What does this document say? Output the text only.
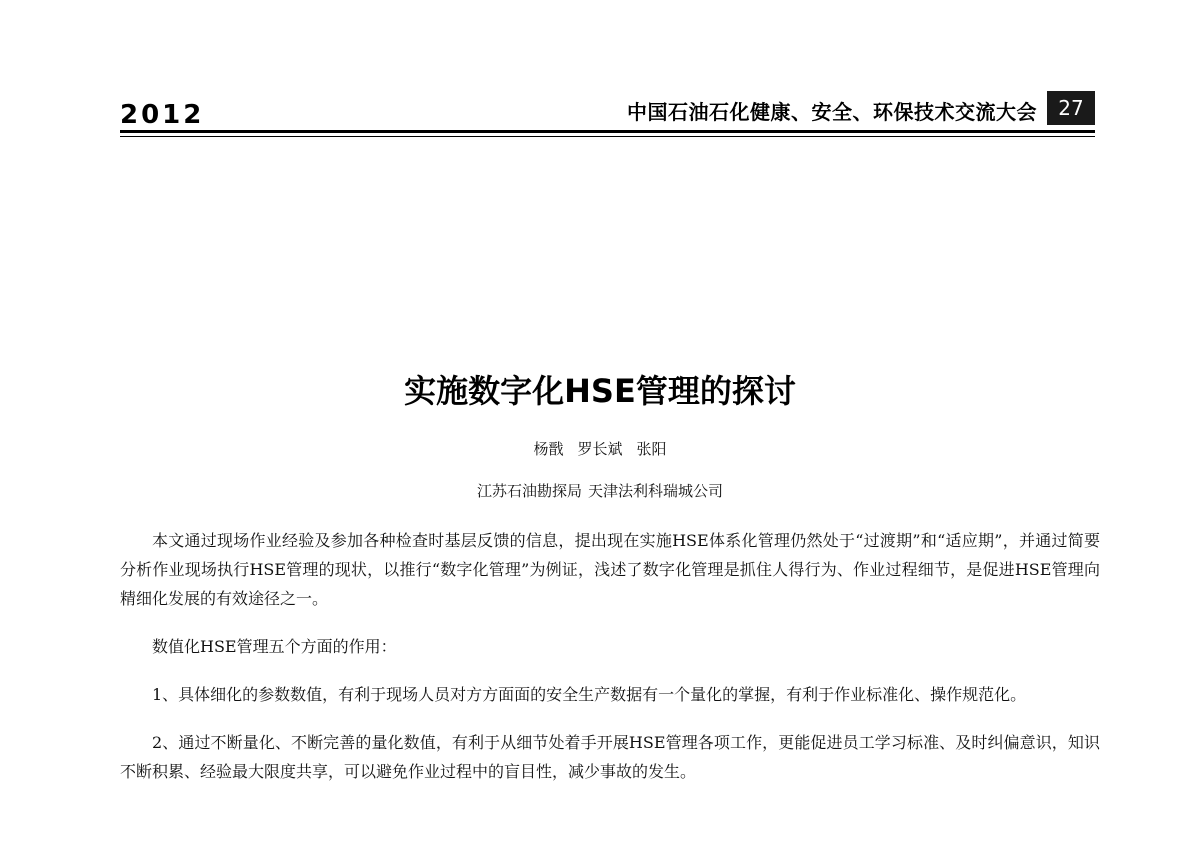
2012	中国石油石化健康、安全、环保技术交流大会	27
实施数字化HSE管理的探讨
杨戬 罗长斌 张阳
江苏石油勘探局 天津法利科瑞城公司

本文通过现场作业经验及参加各种检查时基层反馈的信息，提出现在实施HSE体系化管理仍然处于“过渡期”和“适应期”，并通过简要分析作业现场执行HSE管理的现状，以推行“数字化管理”为例证，浅述了数字化管理是抓住人得行为、作业过程细节，是促进HSE管理向精细化发展的有效途径之一。

数值化HSE管理五个方面的作用：

1、具体细化的参数数值，有利于现场人员对方方面面的安全生产数据有一个量化的掌握，有利于作业标准化、操作规范化。

2、通过不断量化、不断完善的量化数值，有利于从细节处着手开展HSE管理各项工作，更能促进员工学习标准、及时纠偏意识，知识不断积累、经验最大限度共享，可以避免作业过程中的盲目性，减少事故的发生。
